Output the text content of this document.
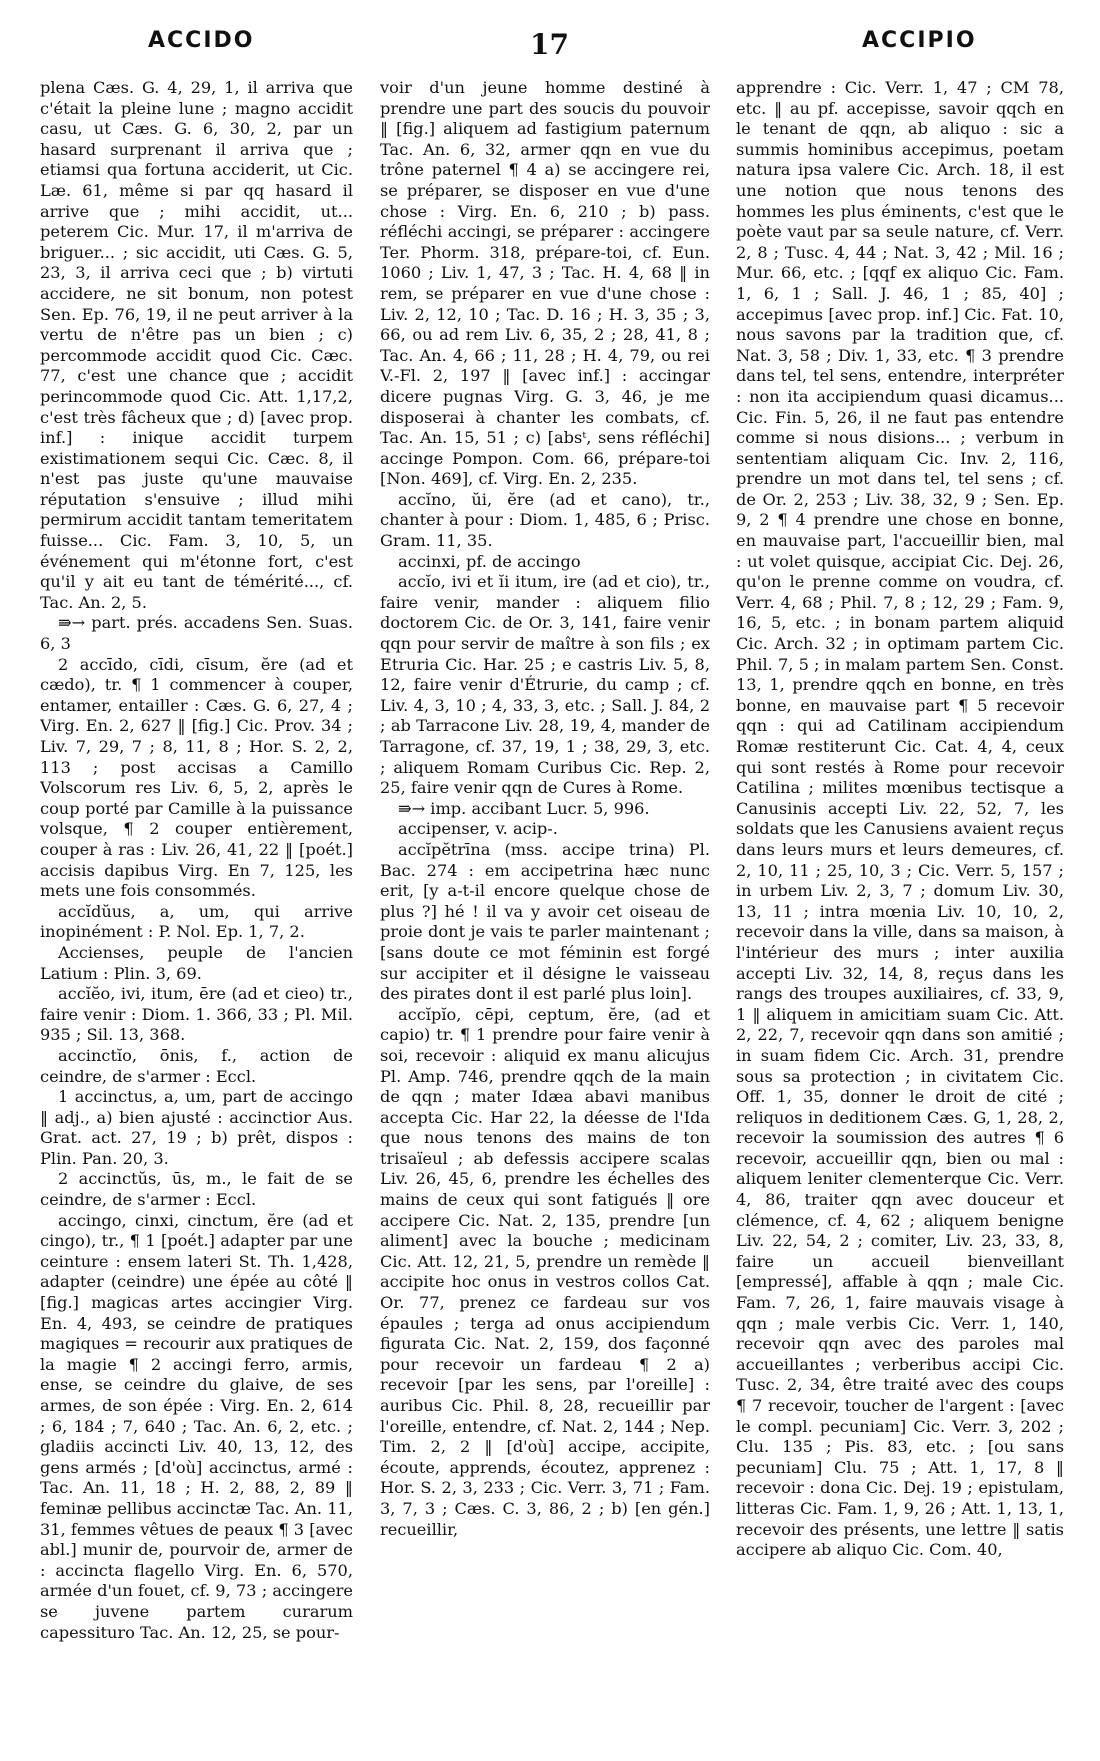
ACCIDO	17	ACCIPIO

plena Cæs. G. 4, 29, 1, il arriva que c'était la pleine lune ; magno accidit casu, ut Cæs. G. 6, 30, 2, par un hasard surprenant il arriva que ; etiamsi qua fortuna acciderit, ut Cic. Læ. 61, même si par qq hasard il arrive que ; mihi accidit, ut... peterem Cic. Mur. 17, il m'arriva de briguer... ; sic accidit, uti Cæs. G. 5, 23, 3, il arriva ceci que ; b) virtuti accidere, ne sit bonum, non potest Sen. Ep. 76, 19, il ne peut arriver à la vertu de n'être pas un bien ; c) percommode accidit quod Cic. Cæc. 77, c'est une chance que ; accidit perincommode quod Cic. Att. 1,17,2, c'est très fâcheux que ; d) [avec prop. inf.] : inique accidit turpem existimationem sequi Cic. Cæc. 8, il n'est pas juste qu'une mauvaise réputation s'ensuive ; illud mihi permirum accidit tantam temeritatem fuisse... Cic. Fam. 3, 10, 5, un événement qui m'étonne fort, c'est qu'il y ait eu tant de témérité..., cf. Tac. An. 2, 5.

⇛→ part. prés. accadens Sen. Suas. 6, 3

2 accīdo, cīdi, cīsum, ĕre (ad et cædo), tr. ¶ 1 commencer à couper, entamer, entailler : Cæs. G. 6, 27, 4 ; Virg. En. 2, 627 ‖ [fig.] Cic. Prov. 34 ; Liv. 7, 29, 7 ; 8, 11, 8 ; Hor. S. 2, 2, 113 ; post accisas a Camillo Volscorum res Liv. 6, 5, 2, après le coup porté par Camille à la puissance volsque, ¶ 2 couper entièrement, couper à ras : Liv. 26, 41, 22 ‖ [poét.] accisis dapibus Virg. En 7, 125, les mets une fois consommés.

accĭdŭus, a, um, qui arrive inopinément : P. Nol. Ep. 1, 7, 2.

Accienses, peuple de l'ancien Latium : Plin. 3, 69.

accĭĕo, ivi, itum, ēre (ad et cieo) tr., faire venir : Diom. 1. 366, 33 ; Pl. Mil. 935 ; Sil. 13, 368.

accinctĭo, ōnis, f., action de ceindre, de s'armer : Eccl.

1 accinctus, a, um, part de accingo ‖ adj., a) bien ajusté : accinctior Aus. Grat. act. 27, 19 ; b) prêt, dispos : Plin. Pan. 20, 3.

2 accinctŭs, ūs, m., le fait de se ceindre, de s'armer : Eccl.

accingo, cinxi, cinctum, ĕre (ad et cingo), tr., ¶ 1 [poét.] adapter par une ceinture : ensem lateri St. Th. 1,428, adapter (ceindre) une épée au côté ‖ [fig.] magicas artes accingier Virg. En. 4, 493, se ceindre de pratiques magiques = recourir aux pratiques de la magie ¶ 2 accingi ferro, armis, ense, se ceindre du glaive, de ses armes, de son épée : Virg. En. 2, 614 ; 6, 184 ; 7, 640 ; Tac. An. 6, 2, etc. ; gladiis accincti Liv. 40, 13, 12, des gens armés ; [d'où] accinctus, armé : Tac. An. 11, 18 ; H. 2, 88, 2, 89 ‖ feminæ pellibus accinctæ Tac. An. 11, 31, femmes vêtues de peaux ¶ 3 [avec abl.] munir de, pourvoir de, armer de : accincta flagello Virg. En. 6, 570, armée d'un fouet, cf. 9, 73 ; accingere se juvene partem curarum capessituro Tac. An. 12, 25, se pour-

voir d'un jeune homme destiné à prendre une part des soucis du pouvoir ‖ [fig.] aliquem ad fastigium paternum Tac. An. 6, 32, armer qqn en vue du trône paternel ¶ 4 a) se accingere rei, se préparer, se disposer en vue d'une chose : Virg. En. 6, 210 ; b) pass. réfléchi accingi, se préparer : accingere Ter. Phorm. 318, prépare-toi, cf. Eun. 1060 ; Liv. 1, 47, 3 ; Tac. H. 4, 68 ‖ in rem, se préparer en vue d'une chose : Liv. 2, 12, 10 ; Tac. D. 16 ; H. 3, 35 ; 3, 66, ou ad rem Liv. 6, 35, 2 ; 28, 41, 8 ; Tac. An. 4, 66 ; 11, 28 ; H. 4, 79, ou rei V.-Fl. 2, 197 ‖ [avec inf.] : accingar dicere pugnas Virg. G. 3, 46, je me disposerai à chanter les combats, cf. Tac. An. 15, 51 ; c) [absᵗ, sens réfléchi] accinge Pompon. Com. 66, prépare-toi [Non. 469], cf. Virg. En. 2, 235.

accĭno, ŭi, ĕre (ad et cano), tr., chanter à pour : Diom. 1, 485, 6 ; Prisc. Gram. 11, 35.

accinxi, pf. de accingo

accĭo, ivi et ĭi itum, ire (ad et cio), tr., faire venir, mander : aliquem filio doctorem Cic. de Or. 3, 141, faire venir qqn pour servir de maître à son fils ; ex Etruria Cic. Har. 25 ; e castris Liv. 5, 8, 12, faire venir d'Étrurie, du camp ; cf. Liv. 4, 3, 10 ; 4, 33, 3, etc. ; Sall. J. 84, 2 ; ab Tarracone Liv. 28, 19, 4, mander de Tarragone, cf. 37, 19, 1 ; 38, 29, 3, etc. ; aliquem Romam Curibus Cic. Rep. 2, 25, faire venir qqn de Cures à Rome.

⇛→ imp. accibant Lucr. 5, 996.

accipenser, v. acip-.

accĭpĕtrīna (mss. accipe trina) Pl. Bac. 274 : em accipetrina hæc nunc erit, [y a-t-il encore quelque chose de plus ?] hé ! il va y avoir cet oiseau de proie dont je vais te parler maintenant ; [sans doute ce mot féminin est forgé sur accipiter et il désigne le vaisseau des pirates dont il est parlé plus loin].

accĭpĭo, cēpi, ceptum, ĕre, (ad et capio) tr. ¶ 1 prendre pour faire venir à soi, recevoir : aliquid ex manu alicujus Pl. Amp. 746, prendre qqch de la main de qqn ; mater Idæa abavi manibus accepta Cic. Har 22, la déesse de l'Ida que nous tenons des mains de ton trisaïeul ; ab defessis accipere scalas Liv. 26, 45, 6, prendre les échelles des mains de ceux qui sont fatigués ‖ ore accipere Cic. Nat. 2, 135, prendre [un aliment] avec la bouche ; medicinam Cic. Att. 12, 21, 5, prendre un remède ‖ accipite hoc onus in vestros collos Cat. Or. 77, prenez ce fardeau sur vos épaules ; terga ad onus accipiendum figurata Cic. Nat. 2, 159, dos façonné pour recevoir un fardeau ¶ 2 a) recevoir [par les sens, par l'oreille] : auribus Cic. Phil. 8, 28, recueillir par l'oreille, entendre, cf. Nat. 2, 144 ; Nep. Tim. 2, 2 ‖ [d'où] accipe, accipite, écoute, apprends, écoutez, apprenez : Hor. S. 2, 3, 233 ; Cic. Verr. 3, 71 ; Fam. 3, 7, 3 ; Cæs. C. 3, 86, 2 ; b) [en gén.] recueillir,

apprendre : Cic. Verr. 1, 47 ; CM 78, etc. ‖ au pf. accepisse, savoir qqch en le tenant de qqn, ab aliquo : sic a summis hominibus accepimus, poetam natura ipsa valere Cic. Arch. 18, il est une notion que nous tenons des hommes les plus éminents, c'est que le poète vaut par sa seule nature, cf. Verr. 2, 8 ; Tusc. 4, 44 ; Nat. 3, 42 ; Mil. 16 ; Mur. 66, etc. ; [qqf ex aliquo Cic. Fam. 1, 6, 1 ; Sall. J. 46, 1 ; 85, 40] ; accepimus [avec prop. inf.] Cic. Fat. 10, nous savons par la tradition que, cf. Nat. 3, 58 ; Div. 1, 33, etc. ¶ 3 prendre dans tel, tel sens, entendre, interpréter : non ita accipiendum quasi dicamus... Cic. Fin. 5, 26, il ne faut pas entendre comme si nous disions... ; verbum in sententiam aliquam Cic. Inv. 2, 116, prendre un mot dans tel, tel sens ; cf. de Or. 2, 253 ; Liv. 38, 32, 9 ; Sen. Ep. 9, 2 ¶ 4 prendre une chose en bonne, en mauvaise part, l'accueillir bien, mal : ut volet quisque, accipiat Cic. Dej. 26, qu'on le prenne comme on voudra, cf. Verr. 4, 68 ; Phil. 7, 8 ; 12, 29 ; Fam. 9, 16, 5, etc. ; in bonam partem aliquid Cic. Arch. 32 ; in optimam partem Cic. Phil. 7, 5 ; in malam partem Sen. Const. 13, 1, prendre qqch en bonne, en très bonne, en mauvaise part ¶ 5 recevoir qqn : qui ad Catilinam accipiendum Romæ restiterunt Cic. Cat. 4, 4, ceux qui sont restés à Rome pour recevoir Catilina ; milites mœnibus tectisque a Canusinis accepti Liv. 22, 52, 7, les soldats que les Canusiens avaient reçus dans leurs murs et leurs demeures, cf. 2, 10, 11 ; 25, 10, 3 ; Cic. Verr. 5, 157 ; in urbem Liv. 2, 3, 7 ; domum Liv. 30, 13, 11 ; intra mœnia Liv. 10, 10, 2, recevoir dans la ville, dans sa maison, à l'intérieur des murs ; inter auxilia accepti Liv. 32, 14, 8, reçus dans les rangs des troupes auxiliaires, cf. 33, 9, 1 ‖ aliquem in amicitiam suam Cic. Att. 2, 22, 7, recevoir qqn dans son amitié ; in suam fidem Cic. Arch. 31, prendre sous sa protection ; in civitatem Cic. Off. 1, 35, donner le droit de cité ; reliquos in deditionem Cæs. G, 1, 28, 2, recevoir la soumission des autres ¶ 6 recevoir, accueillir qqn, bien ou mal : aliquem leniter clementerque Cic. Verr. 4, 86, traiter qqn avec douceur et clémence, cf. 4, 62 ; aliquem benigne Liv. 22, 54, 2 ; comiter, Liv. 23, 33, 8, faire un accueil bienveillant [empressé], affable à qqn ; male Cic. Fam. 7, 26, 1, faire mauvais visage à qqn ; male verbis Cic. Verr. 1, 140, recevoir qqn avec des paroles mal accueillantes ; verberibus accipi Cic. Tusc. 2, 34, être traité avec des coups ¶ 7 recevoir, toucher de l'argent : [avec le compl. pecuniam] Cic. Verr. 3, 202 ; Clu. 135 ; Pis. 83, etc. ; [ou sans pecuniam] Clu. 75 ; Att. 1, 17, 8 ‖ recevoir : dona Cic. Dej. 19 ; epistulam, litteras Cic. Fam. 1, 9, 26 ; Att. 1, 13, 1, recevoir des présents, une lettre ‖ satis accipere ab aliquo Cic. Com. 40,
